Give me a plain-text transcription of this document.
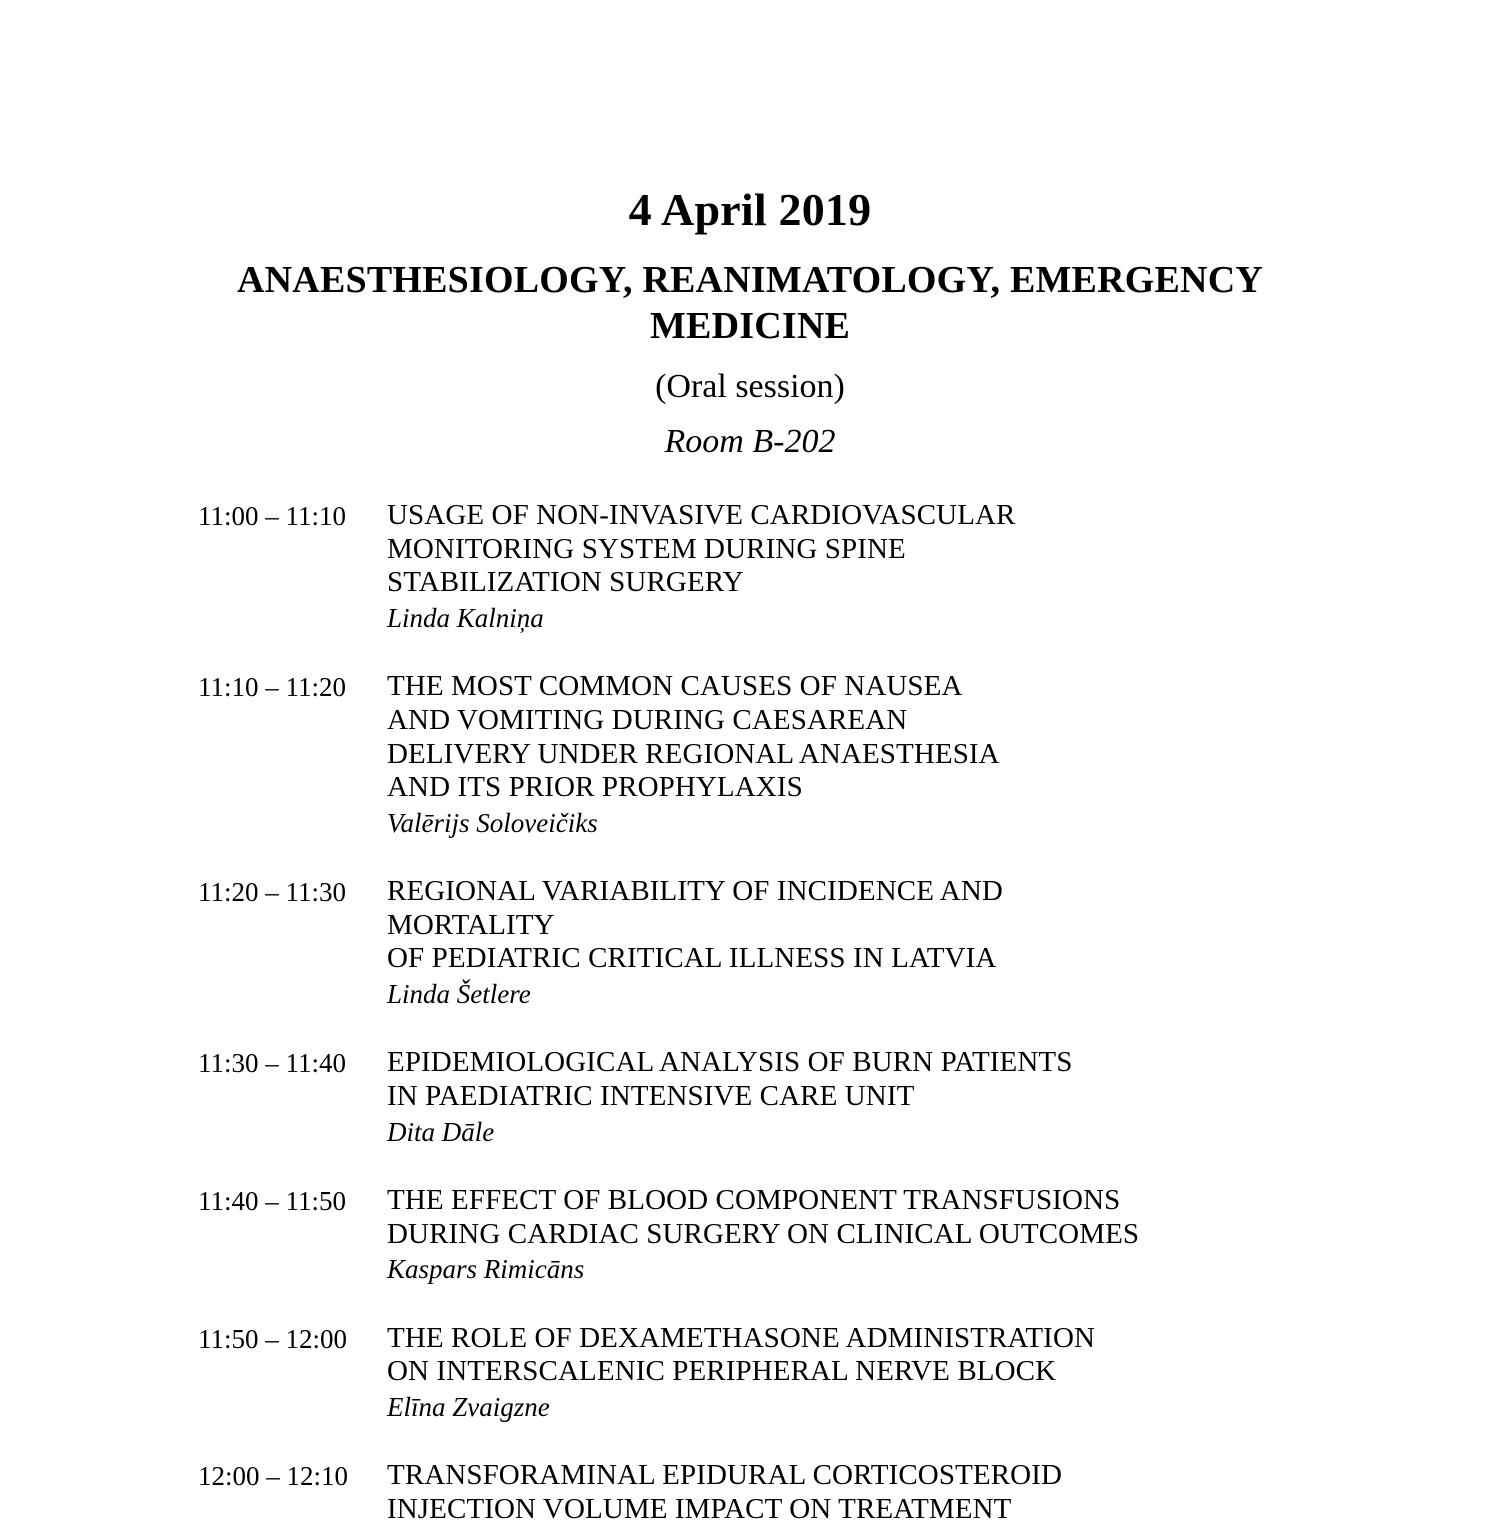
4 April 2019
ANAESTHESIOLOGY, REANIMATOLOGY, EMERGENCY MEDICINE
(Oral session)
Room B-202
11:00 – 11:10	USAGE OF NON-INVASIVE CARDIOVASCULAR
MONITORING SYSTEM DURING SPINE
STABILIZATION SURGERY
Linda Kalniņa
11:10 – 11:20	THE MOST COMMON CAUSES OF NAUSEA
AND VOMITING DURING CAESAREAN
DELIVERY UNDER REGIONAL ANAESTHESIA
AND ITS PRIOR PROPHYLAXIS
Valērijs Soloveičiks
11:20 – 11:30	REGIONAL VARIABILITY OF INCIDENCE AND
MORTALITY
OF PEDIATRIC CRITICAL ILLNESS IN LATVIA
Linda Šetlere
11:30 – 11:40	EPIDEMIOLOGICAL ANALYSIS OF BURN PATIENTS
IN PAEDIATRIC INTENSIVE CARE UNIT
Dita Dāle
11:40 – 11:50	THE EFFECT OF BLOOD COMPONENT TRANSFUSIONS
DURING CARDIAC SURGERY ON CLINICAL OUTCOMES
Kaspars Rimicāns
11:50 – 12:00	THE ROLE OF DEXAMETHASONE ADMINISTRATION
ON INTERSCALENIC PERIPHERAL NERVE BLOCK
Elīna Zvaigzne
12:00 – 12:10	TRANSFORAMINAL EPIDURAL CORTICOSTEROID
INJECTION VOLUME IMPACT ON TREATMENT
